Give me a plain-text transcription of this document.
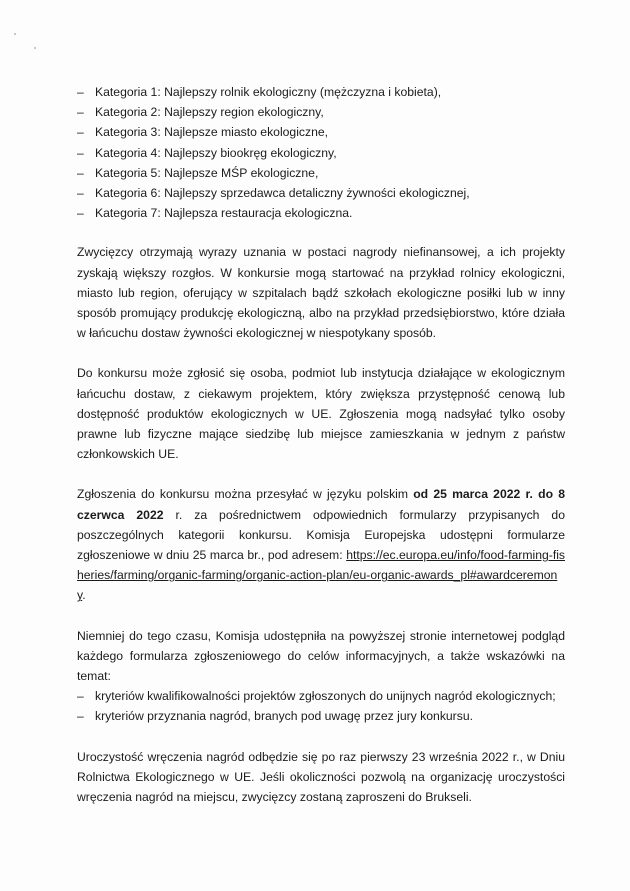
– Kategoria 1: Najlepszy rolnik ekologiczny (mężczyzna i kobieta),
– Kategoria 2: Najlepszy region ekologiczny,
– Kategoria 3: Najlepsze miasto ekologiczne,
– Kategoria 4: Najlepszy biookręg ekologiczny,
– Kategoria 5: Najlepsze MŚP ekologiczne,
– Kategoria 6: Najlepszy sprzedawca detaliczny żywności ekologicznej,
– Kategoria 7: Najlepsza restauracja ekologiczna.

Zwycięzcy otrzymają wyrazy uznania w postaci nagrody niefinansowej, a ich projekty zyskają większy rozgłos. W konkursie mogą startować na przykład rolnicy ekologiczni, miasto lub region, oferujący w szpitalach bądź szkołach ekologiczne posiłki lub w inny sposób promujący produkcję ekologiczną, albo na przykład przedsiębiorstwo, które działa w łańcuchu dostaw żywności ekologicznej w niespotykany sposób.

Do konkursu może zgłosić się osoba, podmiot lub instytucja działające w ekologicznym łańcuchu dostaw, z ciekawym projektem, który zwiększa przystępność cenową lub dostępność produktów ekologicznych w UE. Zgłoszenia mogą nadsyłać tylko osoby prawne lub fizyczne mające siedzibę lub miejsce zamieszkania w jednym z państw członkowskich UE.

Zgłoszenia do konkursu można przesyłać w języku polskim od 25 marca 2022 r. do 8 czerwca 2022 r. za pośrednictwem odpowiednich formularzy przypisanych do poszczególnych kategorii konkursu. Komisja Europejska udostępni formularze zgłoszeniowe w dniu 25 marca br., pod adresem: https://ec.europa.eu/info/food-farming-fisheries/farming/organic-farming/organic-action-plan/eu-organic-awards_pl#awardceremony.

Niemniej do tego czasu, Komisja udostępniła na powyższej stronie internetowej podgląd każdego formularza zgłoszeniowego do celów informacyjnych, a także wskazówki na temat:

– kryteriów kwalifikowalności projektów zgłoszonych do unijnych nagród ekologicznych;
– kryteriów przyznania nagród, branych pod uwagę przez jury konkursu.

Uroczystość wręczenia nagród odbędzie się po raz pierwszy 23 września 2022 r., w Dniu Rolnictwa Ekologicznego w UE. Jeśli okoliczności pozwolą na organizację uroczystości wręczenia nagród na miejscu, zwycięzcy zostaną zaproszeni do Brukseli.
